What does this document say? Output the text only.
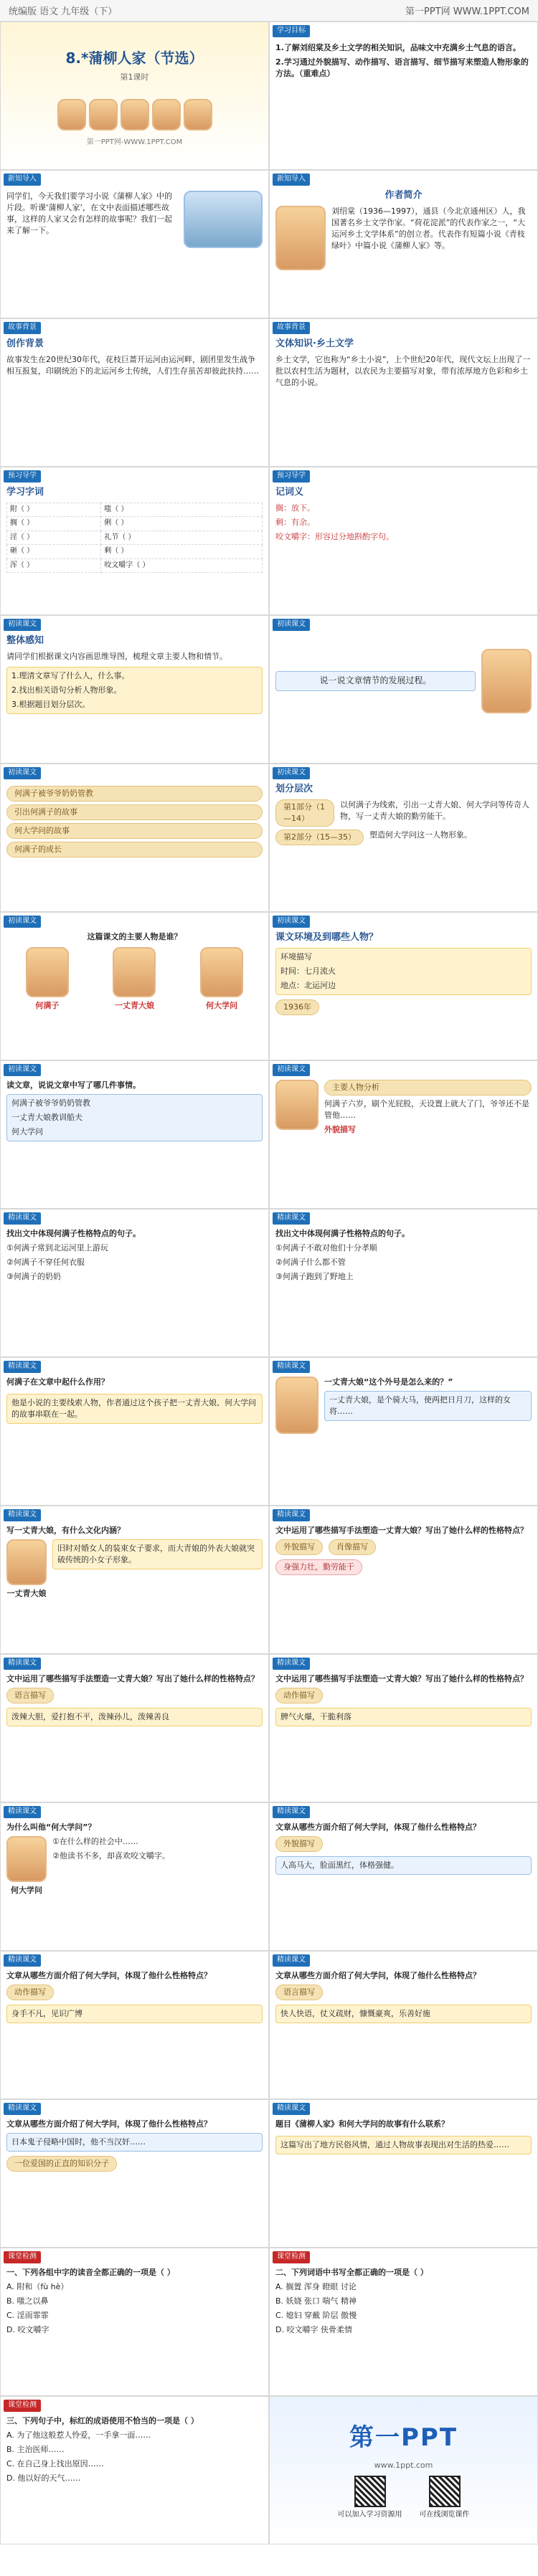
统编版 语文 九年级（下）	第一PPT网 WWW.1PPT.COM
8.*蒲柳人家（节选）
第1课时
第一PPT网-WWW.1PPT.COM
学习目标
1.了解刘绍棠及乡土文学的相关知识，品味文中充满乡土气息的语言。
2.学习通过外貌描写、动作描写、语言描写、细节描写来塑造人物形象的方法。（重难点）
新知导入
同学们，今天我们要学习小说《蒲柳人家》中的片段。听课‘蒲柳人家’，在文中表面描述哪些故事，这样的人家又会有怎样的故事呢？我们一起来了解一下。
新知导入
作者简介
刘绍棠（1936—1997），通县（今北京通州区）人，我国著名乡土文学作家。“荷花淀派”的代表作家之一，“大运河乡土文学体系”的创立者。代表作有短篇小说《青枝绿叶》中篇小说《蒲柳人家》等。
故事背景
创作背景
故事发生在20世纪30年代，花枝巨蔷开运河由运河畔，剧团里发生战争相互报复，印刷统治下的北运河乡土传统，人们生存虽苦却彼此扶持……
故事背景
文体知识·乡土文学
乡土文学，它也称为“乡土小说”，上个世纪20年代，现代文坛上出现了一批以农村生活为题材，以农民为主要描写对象，带有浓厚地方色彩和乡土气息的小说。
预习导学
学习字词
附（ ）	嗤（ ）
搁（ ）	俐（ ）
淫（ ）	礼节（ ）
砸（ ）	剩（ ）
浑（ ）	咬文嚼字（ ）
预习导学
记词义
搁：放下。
剩：有余。
咬文嚼字：形容过分地斟酌字句。
初读课文
整体感知
请同学们根据课文内容画思维导图，梳理文章主要人物和情节。
1.理清文章写了什么人，什么事。
2.找出相关语句分析人物形象。
3.根据题目划分层次。
初读课文
说一说文章情节的发展过程。
初读课文
何满子被爷爷奶奶管教
引出何满子的故事
何大学问的故事
何满子的成长
初读课文
划分层次
第1部分（1—14）
以何满子为线索，引出一丈青大娘、何大学问等传奇人物，写一丈青大娘的勤劳能干。
第2部分（15—35）	塑造何大学问这一人物形象。
初读课文
这篇课文的主要人物是谁？
何满子	一丈青大娘	何大学问
初读课文
课文环境及到哪些人物？
环境描写
时间：七月流火
地点：北运河边
1936年
初读课文
读文章，说说文章中写了哪几件事情。
何满子被爷爷奶奶管教
一丈青大娘教训船夫
何大学问
初读课文
主要人物分析
何满子六岁，刷个光屁股，天设置上就大了门，爷爷还不是管他……
外貌描写
精读课文
找出文中体现何满子性格特点的句子。
①何满子常到北运河里上游玩
②何满子不穿任何衣服
③何满子的奶奶
精读课文
找出文中体现何满子性格特点的句子。
①何满子不敢对他们十分孝顺
②何满子什么都不管
③何满子跑到了野地上
精读课文
何满子在文章中起什么作用？
他是小说的主要线索人物，作者通过这个孩子把一丈青大娘、何大学问的故事串联在一起。
精读课文
一丈青大娘“这个外号是怎么来的？”
一丈青大娘，是个骑大马，使两把日月刀，这样的女将……
精读课文
写一丈青大娘，有什么文化内涵？
一丈青大娘
旧时对婚女人的装束女子要求，而大青娘的外表大娘就突破传统的小女子形象。
精读课文
文中运用了哪些描写手法塑造一丈青大娘？写出了她什么样的性格特点？
外貌描写	肖像描写
身强力壮，勤劳能干
精读课文
文中运用了哪些描写手法塑造一丈青大娘？写出了她什么样的性格特点？
语言描写
泼辣大胆，爱打抱不平，泼辣孙儿，泼辣善良
精读课文
文中运用了哪些描写手法塑造一丈青大娘？写出了她什么样的性格特点？
动作描写
脾气火爆，干脆利落
精读课文
为什么叫他“何大学问”？
何大学问
①在什么样的社会中……
②他读书不多，却喜欢咬文嚼字。
精读课文
文章从哪些方面介绍了何大学问，体现了他什么性格特点？
外貌描写
人高马大，脸面黑红，体格强健。
精读课文
文章从哪些方面介绍了何大学问，体现了他什么性格特点？
动作描写
身手不凡，见识广博
精读课文
文章从哪些方面介绍了何大学问，体现了他什么性格特点？
语言描写
快人快语，仗义疏财，慷慨豪爽，乐善好施
精读课文
文章从哪些方面介绍了何大学问，体现了他什么性格特点？
日本鬼子侵略中国时，他不当汉奸……
一位爱国的正直的知识分子
精读课文
题目《蒲柳人家》和何大学问的故事有什么联系？
这篇写出了地方民俗风情，通过人物故事表现出对生活的热爱……
课堂检测
一、下列各组中字的读音全都正确的一项是（ ）
A. 附和（fù hè）
B. 嗤之以鼻
C. 淫雨霏霏
D. 咬文嚼字
课堂检测
二、下列词语中书写全都正确的一项是（ ）
A. 搁置 浑身 瞪眼 讨论
B. 妖娆 张口 喘气 精神
C. 媳妇 穿戴 阶层 傲慢
D. 咬文嚼字 侠骨柔情
课堂检测
三、下列句子中，标红的成语使用不恰当的一项是（ ）
A. 为了他这般惹人怜爱，一手拿一面……
B. 主治医师……
C. 在自己身上找出原因……
D. 他以好的天气……
第一PPT
www.1ppt.com
可以加入学习资源用 可在线浏览课件
